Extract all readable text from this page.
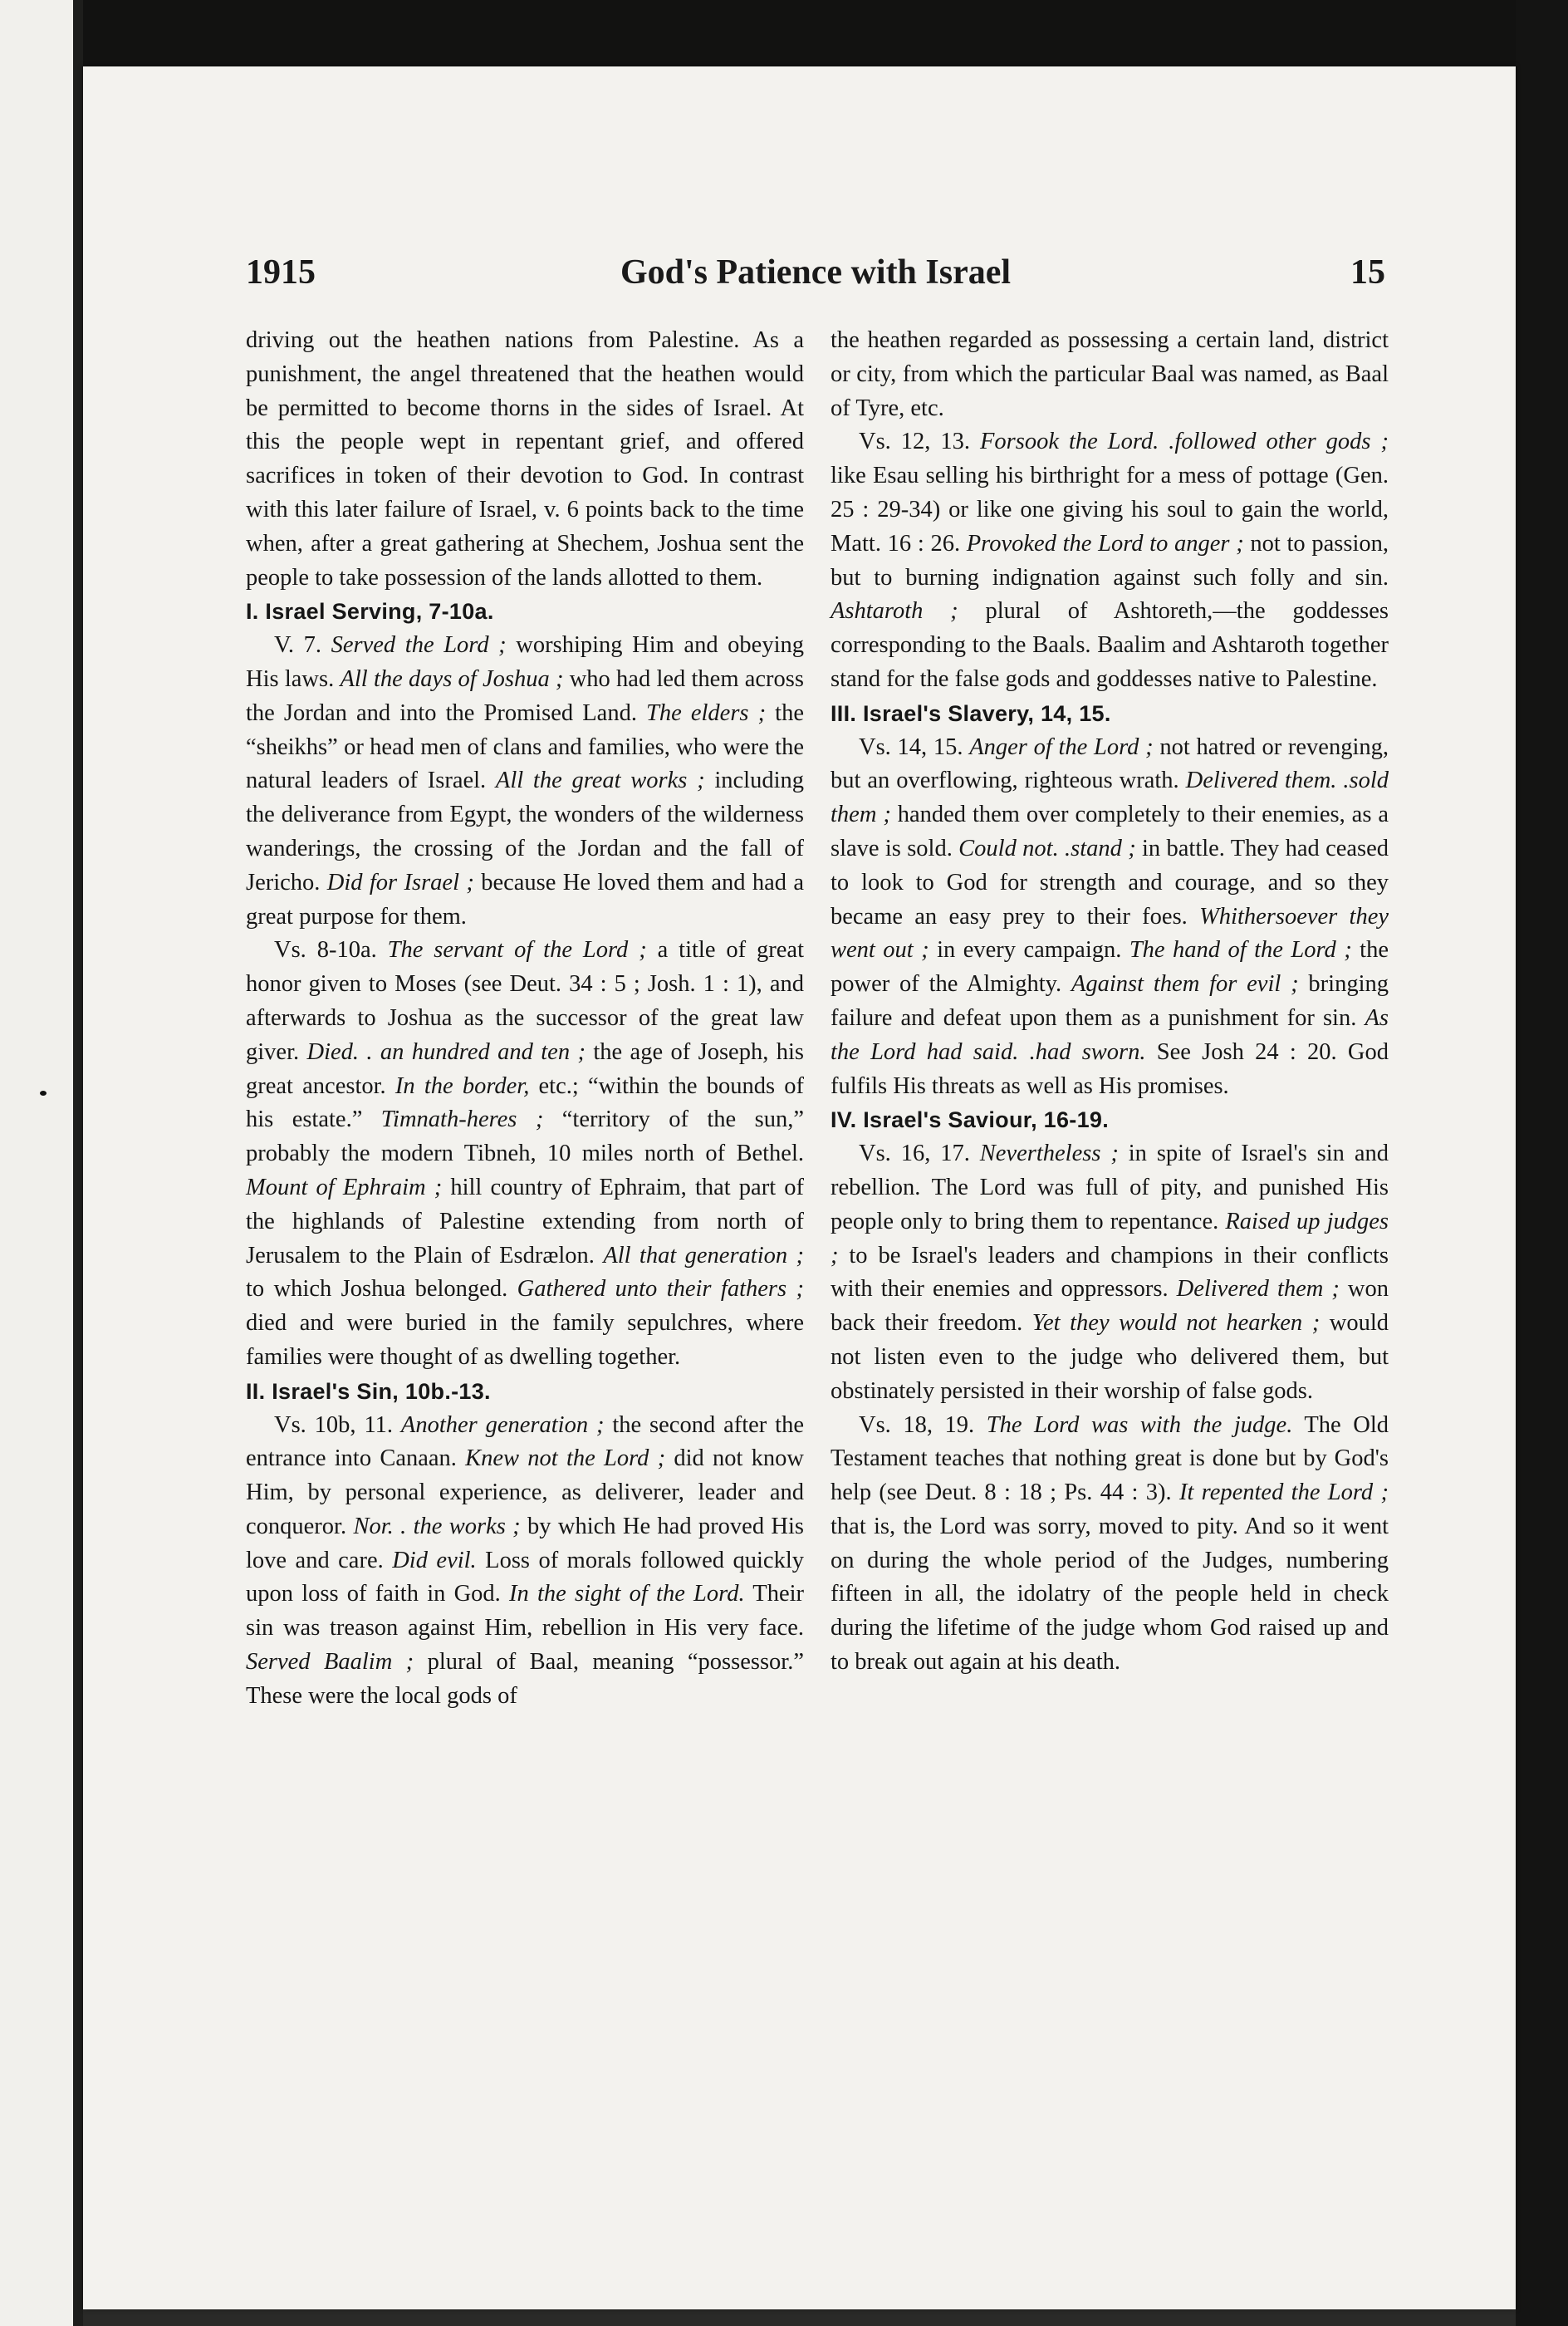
1915	God's Patience with Israel	15

driving out the heathen nations from Palestine. As a punishment, the angel threatened that the heathen would be permitted to become thorns in the sides of Israel. At this the people wept in repentant grief, and offered sacrifices in token of their devotion to God. In contrast with this later failure of Israel, v. 6 points back to the time when, after a great gathering at Shechem, Joshua sent the people to take possession of the lands allotted to them.

I. Israel Serving, 7-10a.

V. 7. Served the Lord ; worshiping Him and obeying His laws. All the days of Joshua ; who had led them across the Jordan and into the Promised Land. The elders ; the “sheikhs” or head men of clans and families, who were the natural leaders of Israel. All the great works ; including the deliverance from Egypt, the wonders of the wilderness wanderings, the crossing of the Jordan and the fall of Jericho. Did for Israel ; because He loved them and had a great purpose for them.

Vs. 8-10a. The servant of the Lord ; a title of great honor given to Moses (see Deut. 34 : 5 ; Josh. 1 : 1), and afterwards to Joshua as the successor of the great law giver. Died. . an hundred and ten ; the age of Joseph, his great ancestor. In the border, etc.; “within the bounds of his estate.” Timnath-heres ; “territory of the sun,” probably the modern Tibneh, 10 miles north of Bethel. Mount of Ephraim ; hill country of Ephraim, that part of the highlands of Palestine extending from north of Jerusalem to the Plain of Esdrælon. All that generation ; to which Joshua belonged. Gathered unto their fathers ; died and were buried in the family sepulchres, where families were thought of as dwelling together.

II. Israel's Sin, 10b.-13.

Vs. 10b, 11. Another generation ; the second after the entrance into Canaan. Knew not the Lord ; did not know Him, by personal experience, as deliverer, leader and conqueror. Nor. . the works ; by which He had proved His love and care. Did evil. Loss of morals followed quickly upon loss of faith in God. In the sight of the Lord. Their sin was treason against Him, rebellion in His very face. Served Baalim ; plural of Baal, meaning “possessor.” These were the local gods of

the heathen regarded as possessing a certain land, district or city, from which the particular Baal was named, as Baal of Tyre, etc.

Vs. 12, 13. Forsook the Lord. .followed other gods ; like Esau selling his birthright for a mess of pottage (Gen. 25 : 29-34) or like one giving his soul to gain the world, Matt. 16 : 26. Provoked the Lord to anger ; not to passion, but to burning indignation against such folly and sin. Ashtaroth ; plural of Ashtoreth,—the goddesses corresponding to the Baals. Baalim and Ashtaroth together stand for the false gods and goddesses native to Palestine.

III. Israel's Slavery, 14, 15.

Vs. 14, 15. Anger of the Lord ; not hatred or revenging, but an overflowing, righteous wrath. Delivered them. .sold them ; handed them over completely to their enemies, as a slave is sold. Could not. .stand ; in battle. They had ceased to look to God for strength and courage, and so they became an easy prey to their foes. Whithersoever they went out ; in every campaign. The hand of the Lord ; the power of the Almighty. Against them for evil ; bringing failure and defeat upon them as a punishment for sin. As the Lord had said. .had sworn. See Josh 24 : 20. God fulfils His threats as well as His promises.

IV. Israel's Saviour, 16-19.

Vs. 16, 17. Nevertheless ; in spite of Israel's sin and rebellion. The Lord was full of pity, and punished His people only to bring them to repentance. Raised up judges ; to be Israel's leaders and champions in their conflicts with their enemies and oppressors. Delivered them ; won back their freedom. Yet they would not hearken ; would not listen even to the judge who delivered them, but obstinately persisted in their worship of false gods.

Vs. 18, 19. The Lord was with the judge. The Old Testament teaches that nothing great is done but by God's help (see Deut. 8 : 18 ; Ps. 44 : 3). It repented the Lord ; that is, the Lord was sorry, moved to pity. And so it went on during the whole period of the Judges, numbering fifteen in all, the idolatry of the people held in check during the lifetime of the judge whom God raised up and to break out again at his death.
